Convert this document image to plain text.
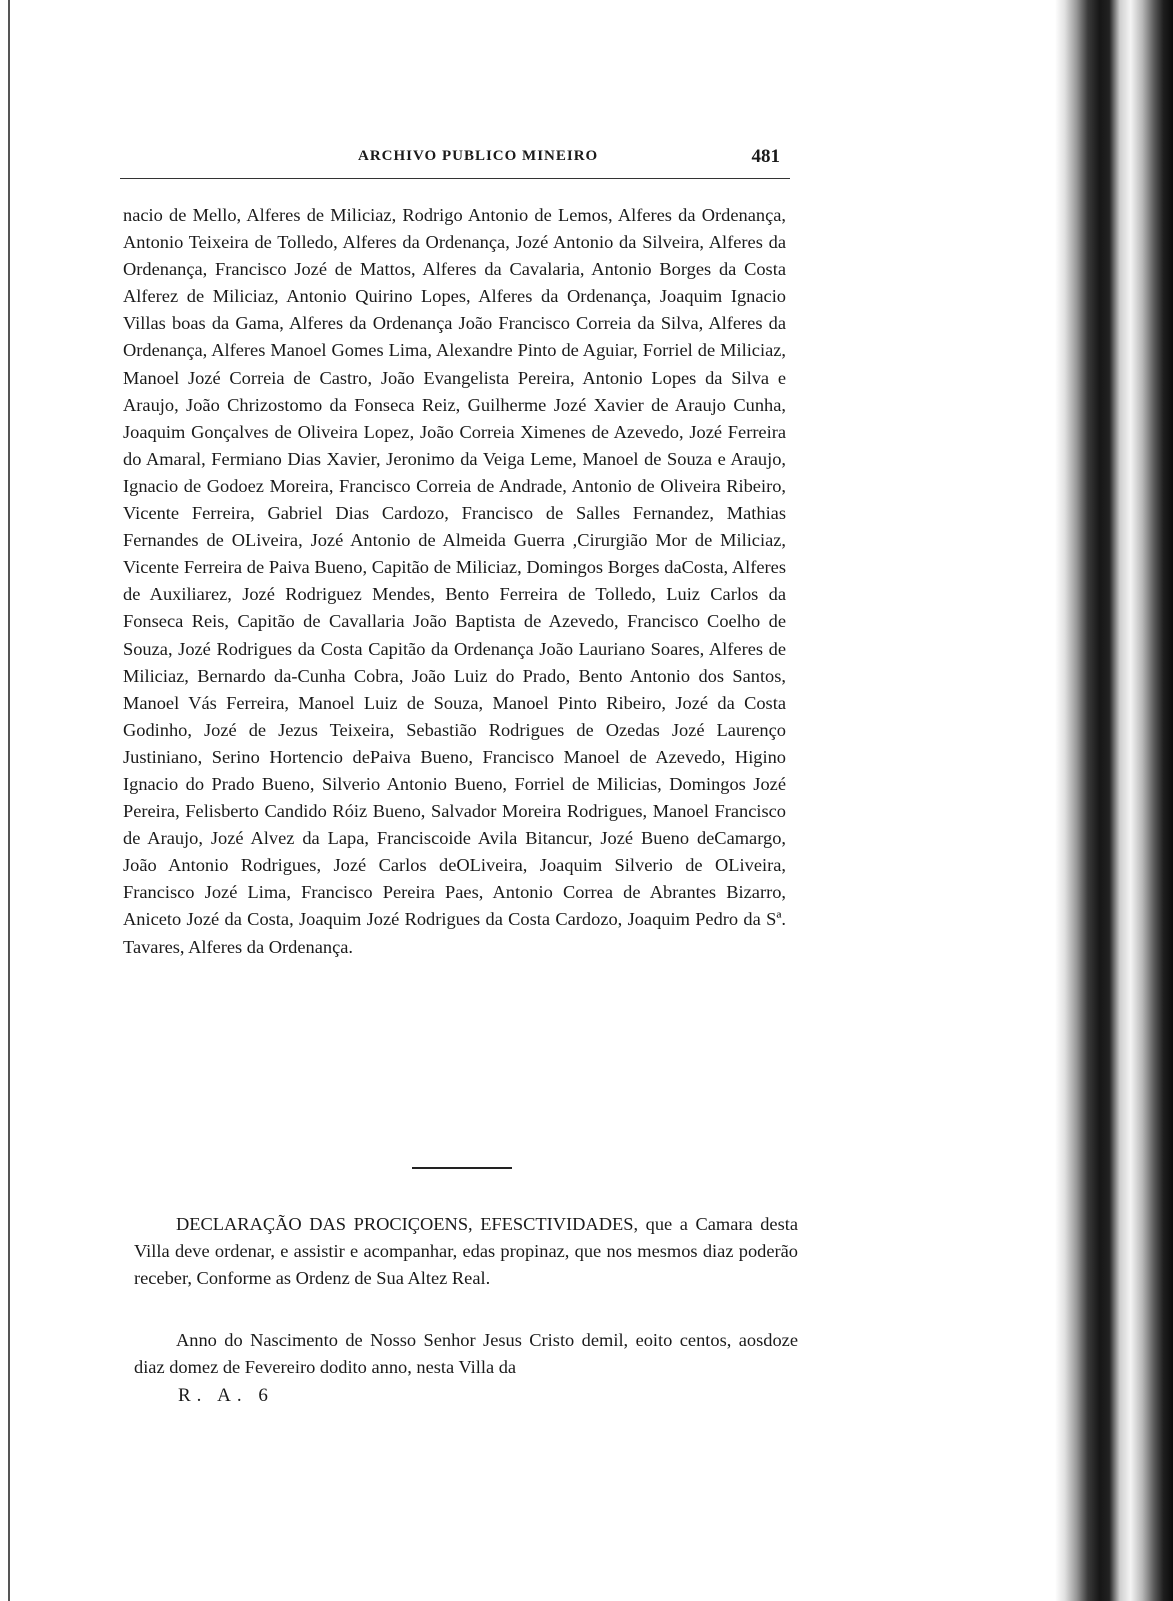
ARCHIVO PUBLICO MINEIRO	481

nacio de Mello, Alferes de Miliciaz, Rodrigo Antonio de Lemos, Alferes da Ordenança, Antonio Teixeira de Tolledo, Alferes da Ordenança, Jozé Antonio da Silveira, Alferes da Ordenança, Francisco Jozé de Mattos, Alferes da Cavalaria, Antonio Borges da Costa Alferez de Miliciaz, Antonio Quirino Lopes, Alferes da Ordenança, Joaquim Ignacio Villas boas da Gama, Alferes da Ordenança João Francisco Correia da Silva, Alferes da Ordenança, Alferes Manoel Gomes Lima, Alexandre Pinto de Aguiar, Forriel de Miliciaz, Manoel Jozé Correia de Castro, João Evangelista Pereira, Antonio Lopes da Silva e Araujo, João Chrizostomo da Fonseca Reiz, Guilherme Jozé Xavier de Araujo Cunha, Joaquim Gonçalves de Oliveira Lopez, João Correia Ximenes de Azevedo, Jozé Ferreira do Amaral, Fermiano Dias Xavier, Jeronimo da Veiga Leme, Manoel de Souza e Araujo, Ignacio de Godoez Moreira, Francisco Correia de Andrade, Antonio de Oliveira Ribeiro, Vicente Ferreira, Gabriel Dias Cardozo, Francisco de Salles Fernandez, Mathias Fernandes de OLiveira, Jozé Antonio de Almeida Guerra ,Cirurgião Mor de Miliciaz, Vicente Ferreira de Paiva Bueno, Capitão de Miliciaz, Domingos Borges daCosta, Alferes de Auxiliarez, Jozé Rodriguez Mendes, Bento Ferreira de Tolledo, Luiz Carlos da Fonseca Reis, Capitão de Cavallaria João Baptista de Azevedo, Francisco Coelho de Souza, Jozé Rodrigues da Costa Capitão da Ordenança João Lauriano Soares, Alferes de Miliciaz, Bernardo da-Cunha Cobra, João Luiz do Prado, Bento Antonio dos Santos, Manoel Vás Ferreira, Manoel Luiz de Souza, Manoel Pinto Ribeiro, Jozé da Costa Godinho, Jozé de Jezus Teixeira, Sebastião Rodrigues de Ozedas Jozé Laurenço Justiniano, Serino Hortencio dePaiva Bueno, Francisco Manoel de Azevedo, Higino Ignacio do Prado Bueno, Silverio Antonio Bueno, Forriel de Milicias, Domingos Jozé Pereira, Felisberto Candido Róiz Bueno, Salvador Moreira Rodrigues, Manoel Francisco de Araujo, Jozé Alvez da Lapa, Franciscoide Avila Bitancur, Jozé Bueno deCamargo, João Antonio Rodrigues, Jozé Carlos deOLiveira, Joaquim Silverio de OLiveira, Francisco Jozé Lima, Francisco Pereira Paes, Antonio Correa de Abrantes Bizarro, Aniceto Jozé da Costa, Joaquim Jozé Rodrigues da Costa Cardozo, Joaquim Pedro da Sª. Tavares, Alferes da Ordenança.

DECLARAÇÃO DAS PROCIÇOENS, EFESCTIVIDADES, que a Camara desta Villa deve ordenar, e assistir e acompanhar, edas propinaz, que nos mesmos diaz poderão receber, Conforme as Ordenz de Sua Altez Real.

Anno do Nascimento de Nosso Senhor Jesus Cristo demil, eoito centos, aosdoze diaz domez de Fevereiro dodito anno, nesta Villa da

R. A. 6
